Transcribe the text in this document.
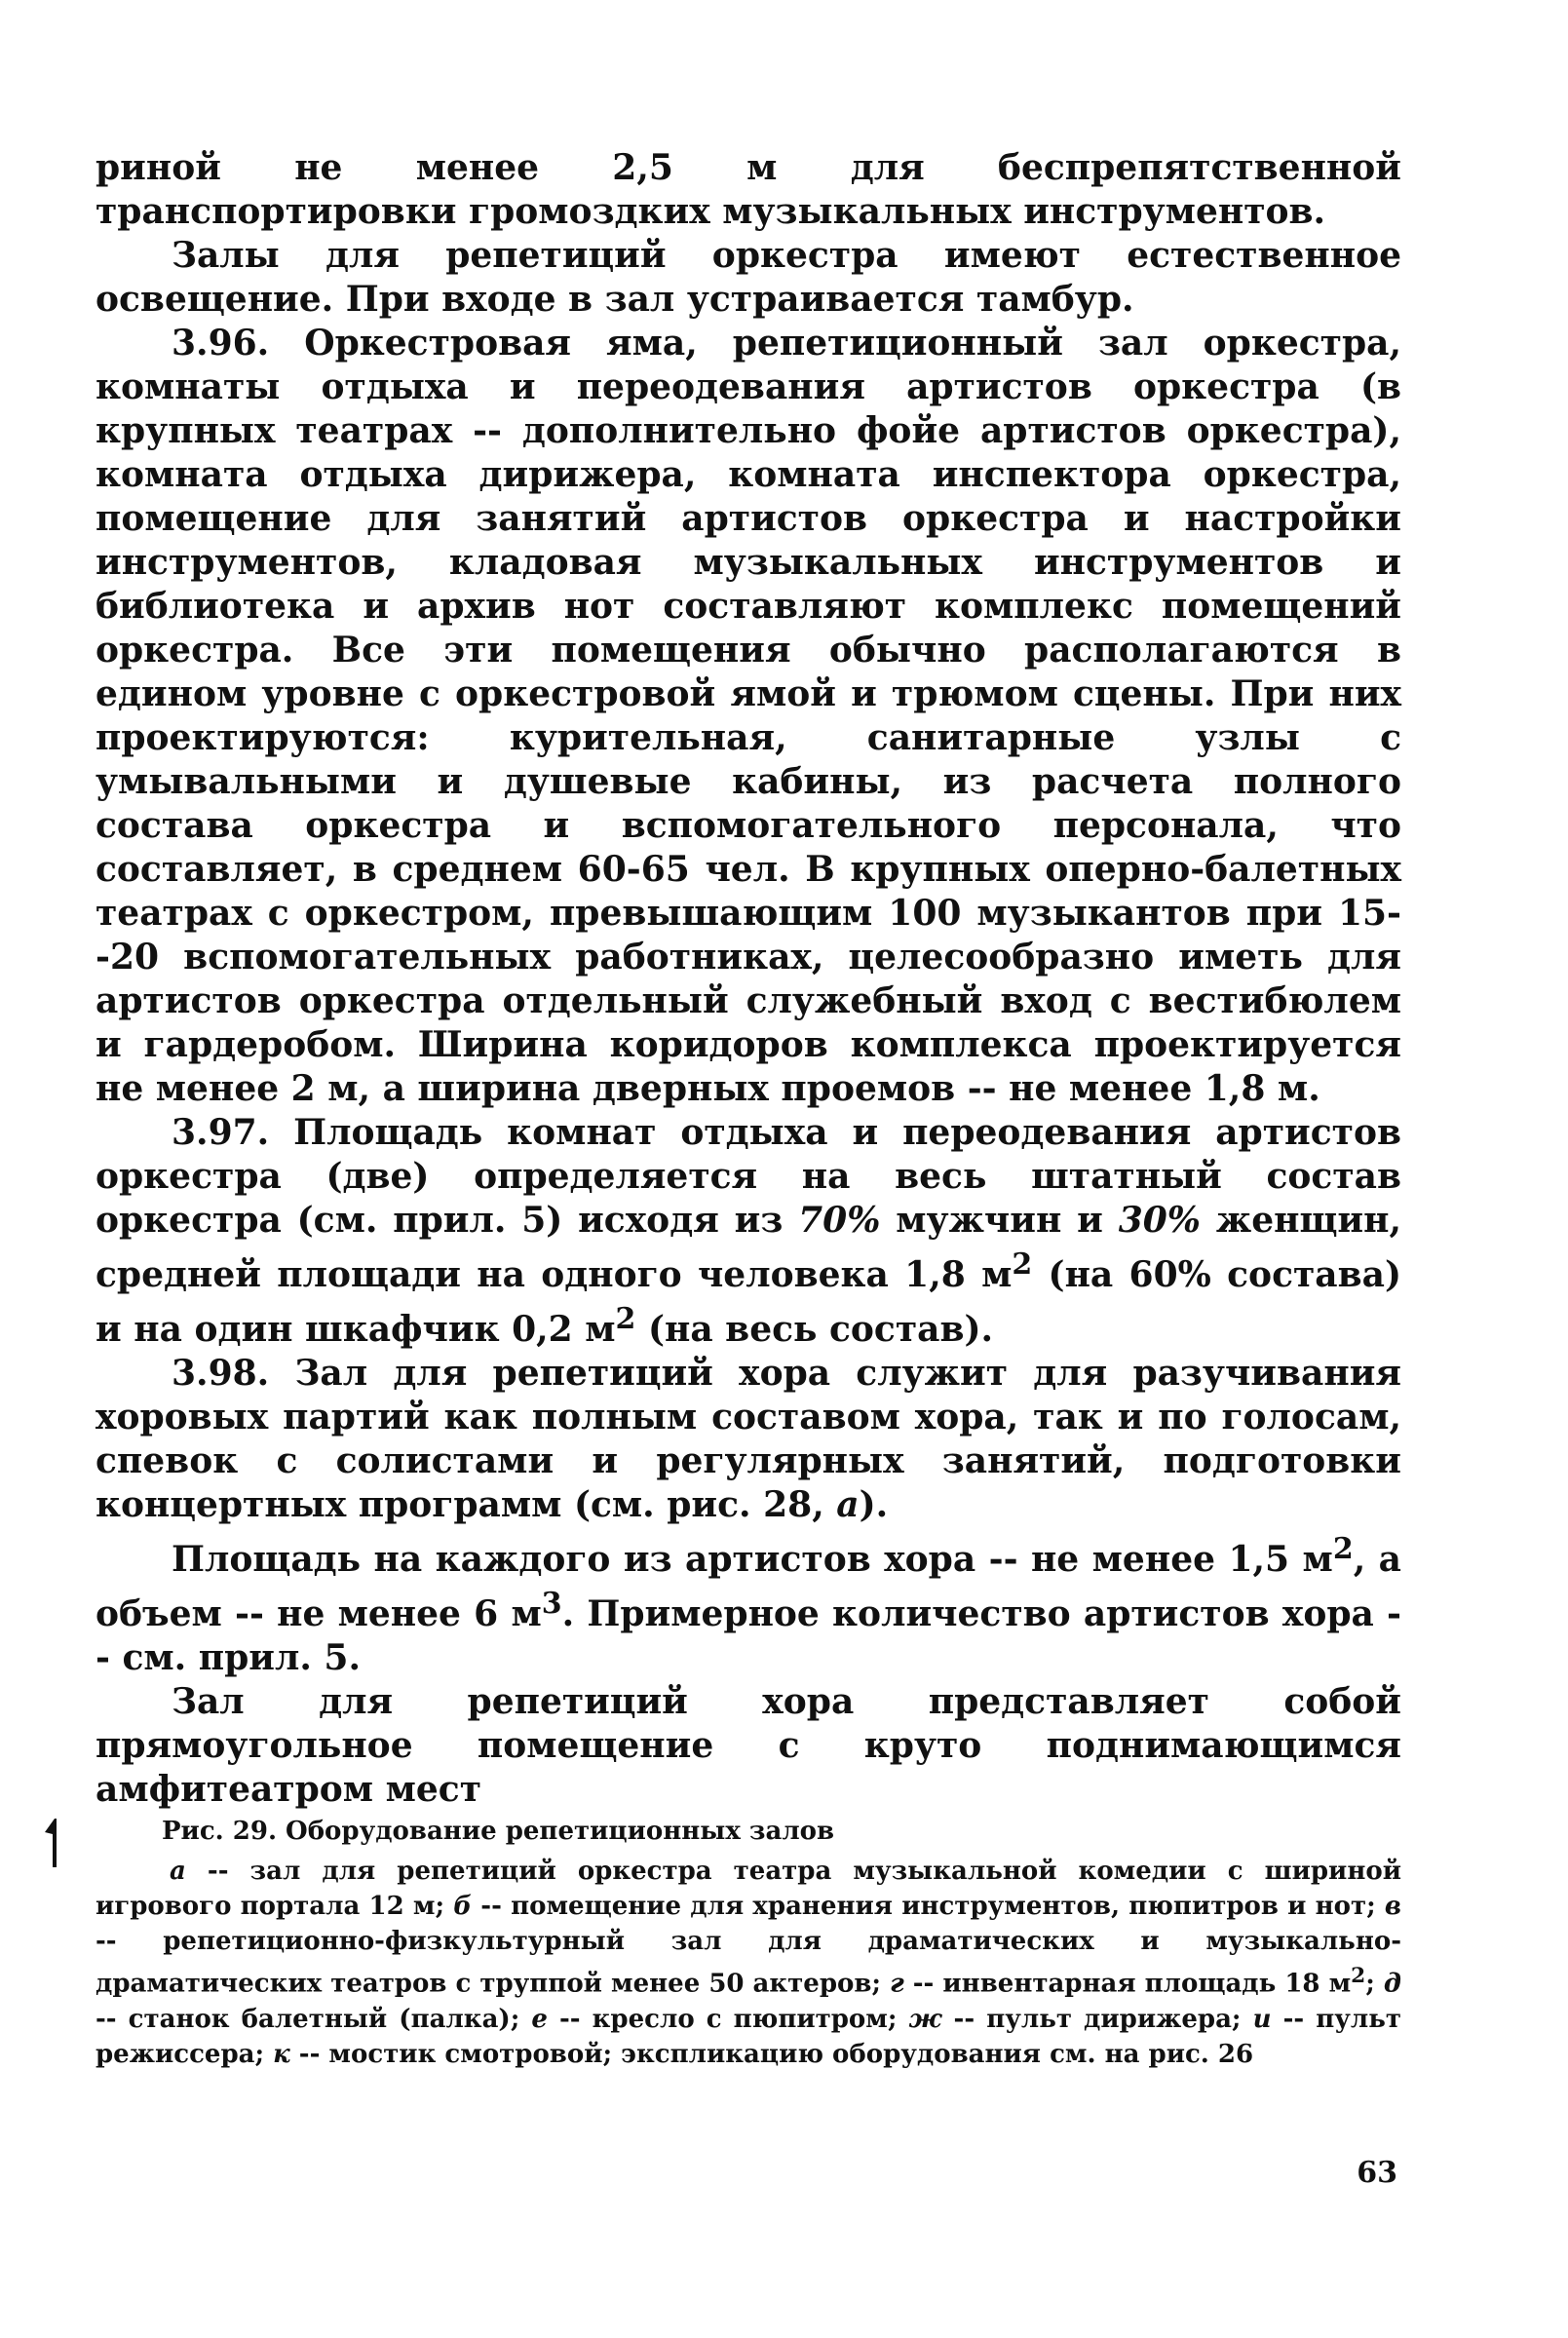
риной не менее 2,5 м для беспрепятственной транспортировки громоздких музыкальных инструментов.

Залы для репетиций оркестра имеют естественное освещение. При входе в зал устраивается тамбур.

3.96. Оркестровая яма, репетиционный зал оркестра, комнаты отдыха и переодевания артистов оркестра (в крупных театрах -- дополнительно фойе артистов оркестра), комната отдыха дирижера, комната инспектора оркестра, помещение для занятий артистов оркестра и настройки инструментов, кладовая музыкальных инструментов и библиотека и архив нот составляют комплекс помещений оркестра. Все эти помещения обычно располагаются в едином уровне с оркестровой ямой и трюмом сцены. При них проектируются: курительная, санитарные узлы с умывальными и душевые кабины, из расчета полного состава оркестра и вспомогательного персонала, что составляет, в среднем 60-65 чел. В крупных оперно-балетных театрах с оркестром, превышающим 100 музыкантов при 15--20 вспомогательных работниках, целесообразно иметь для артистов оркестра отдельный служебный вход с вестибюлем и гардеробом. Ширина коридоров комплекса проектируется не менее 2 м, а ширина дверных проемов -- не менее 1,8 м.

3.97. Площадь комнат отдыха и переодевания артистов оркестра (две) определяется на весь штатный состав оркестра (см. прил. 5) исходя из 70% мужчин и 30% женщин, средней площади на одного человека 1,8 $м^2$ (на 60% состава) и на один шкафчик 0,2 $м^2$ (на весь состав).

3.98. Зал для репетиций хора служит для разучивания хоровых партий как полным составом хора, так и по голосам, спевок с солистами и регулярных занятий, подготовки концертных программ (см. рис. 28, а).

Площадь на каждого из артистов хора -- не менее 1,5 $м^2$, а объем -- не менее 6 $м^3$. Примерное количество артистов хора -- см. прил. 5.

Зал для репетиций хора представляет собой прямоугольное помещение с круто поднимающимся амфитеатром мест

Рис. 29. Оборудование репетиционных залов

а -- зал для репетиций оркестра театра музыкальной комедии с шириной игрового портала 12 м; б -- помещение для хранения инструментов, пюпитров и нот; в -- репетиционно-физкультурный зал для драматических и музыкально-драматических театров с труппой менее 50 актеров; г -- инвентарная площадь 18 $м^2$; д -- станок балетный (палка); е -- кресло с пюпитром; ж -- пульт дирижера; и -- пульт режиссера; к -- мостик смотровой; экспликацию оборудования см. на рис. 26

63
